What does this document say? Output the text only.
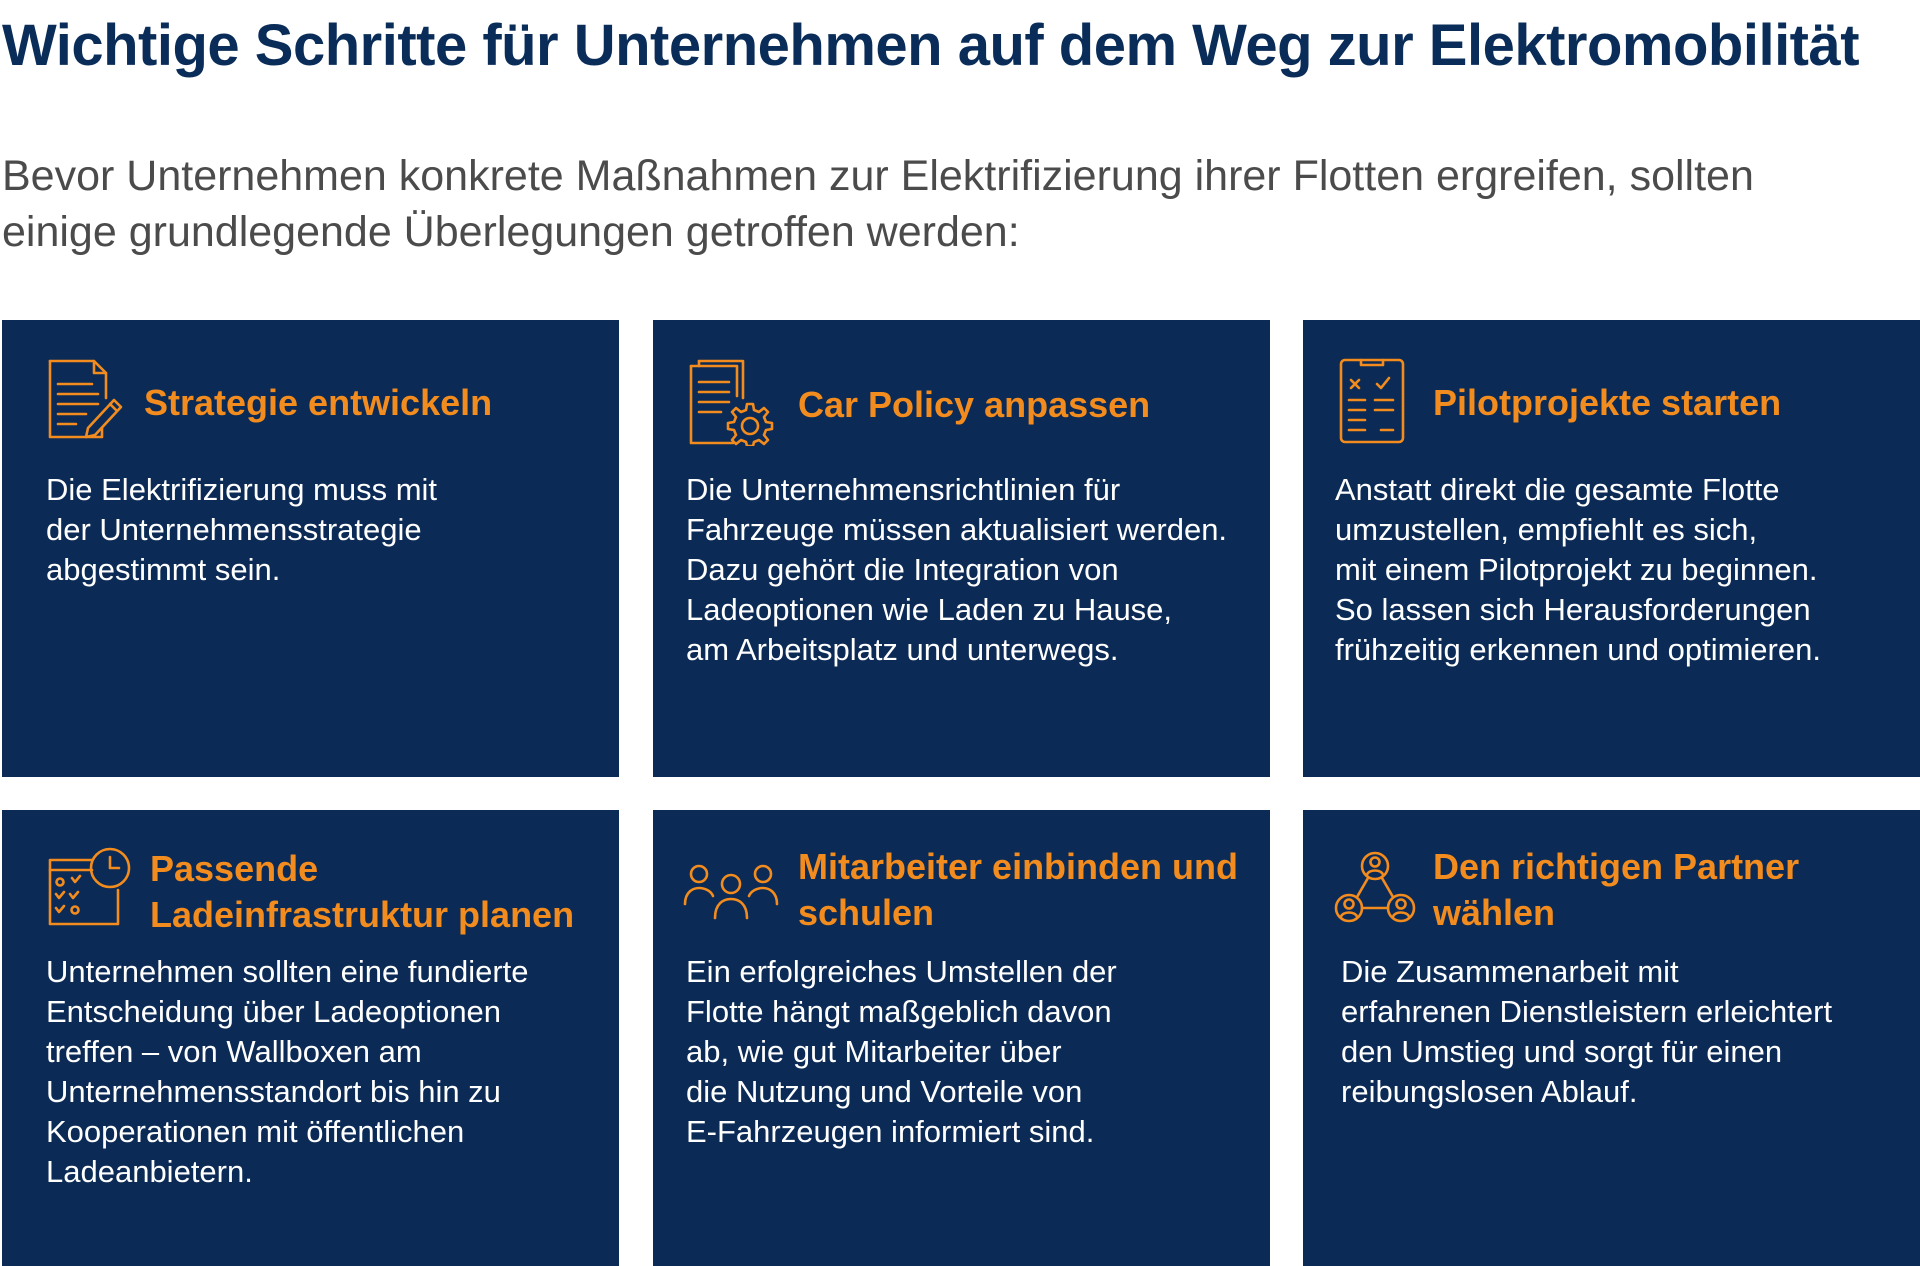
Wichtige Schritte für Unternehmen auf dem Weg zur Elektromobilität

Bevor Unternehmen konkrete Maßnahmen zur Elektrifizierung ihrer Flotten ergreifen, sollten einige grundlegende Überlegungen getroffen werden:

Strategie entwickeln

Die Elektrifizierung muss mit
der Unternehmensstrategie
abgestimmt sein.

Car Policy anpassen

Die Unternehmensrichtlinien für
Fahrzeuge müssen aktualisiert werden.
Dazu gehört die Integration von
Ladeoptionen wie Laden zu Hause,
am Arbeitsplatz und unterwegs.

Pilotprojekte starten

Anstatt direkt die gesamte Flotte
umzustellen, empfiehlt es sich,
mit einem Pilotprojekt zu beginnen.
So lassen sich Herausforderungen
frühzeitig erkennen und optimieren.

Passende Ladeinfrastruktur planen

Unternehmen sollten eine fundierte
Entscheidung über Ladeoptionen
treffen – von Wallboxen am
Unternehmensstandort bis hin zu
Kooperationen mit öffentlichen
Ladeanbietern.

Mitarbeiter einbinden und schulen

Ein erfolgreiches Umstellen der
Flotte hängt maßgeblich davon
ab, wie gut Mitarbeiter über
die Nutzung und Vorteile von
E-Fahrzeugen informiert sind.

Den richtigen Partner wählen

Die Zusammenarbeit mit
erfahrenen Dienstleistern erleichtert
den Umstieg und sorgt für einen
reibungslosen Ablauf.
